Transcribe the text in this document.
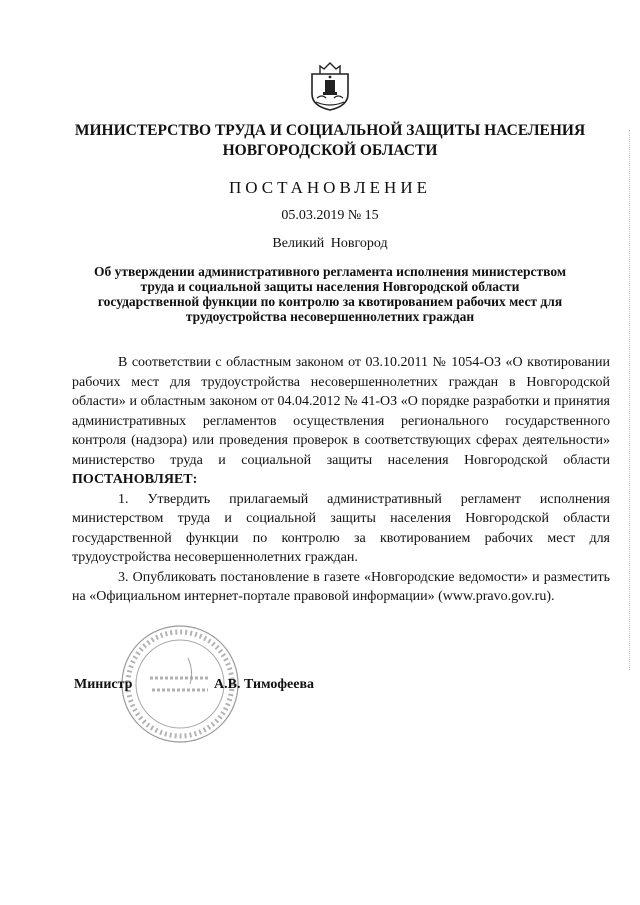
МИНИСТЕРСТВО ТРУДА И СОЦИАЛЬНОЙ ЗАЩИТЫ НАСЕЛЕНИЯ
НОВГОРОДСКОЙ ОБЛАСТИ
ПОСТАНОВЛЕНИЕ
05.03.2019 № 15
Великий Новгород
Об утверждении административного регламента исполнения министерством
труда и социальной защиты населения Новгородской области
государственной функции по контролю за квотированием рабочих мест для
трудоустройства несовершеннолетних граждан

В соответствии с областным законом от 03.10.2011 № 1054-ОЗ «О квотировании рабочих мест для трудоустройства несовершеннолетних граждан в Новгородской области» и областным законом от 04.04.2012 № 41-ОЗ «О порядке разработки и принятия административных регламентов осуществления регионального государственного контроля (надзора) или проведения проверок в соответствующих сферах деятельности» министерство труда и социальной защиты населения Новгородской области ПОСТАНОВЛЯЕТ:

1. Утвердить прилагаемый административный регламент исполнения министерством труда и социальной защиты населения Новгородской области государственной функции по контролю за квотированием рабочих мест для трудоустройства несовершеннолетних граждан.

3. Опубликовать постановление в газете «Новгородские ведомости» и разместить на «Официальном интернет-портале правовой информации» (www.pravo.gov.ru).

Министр	А.В. Тимофеева
